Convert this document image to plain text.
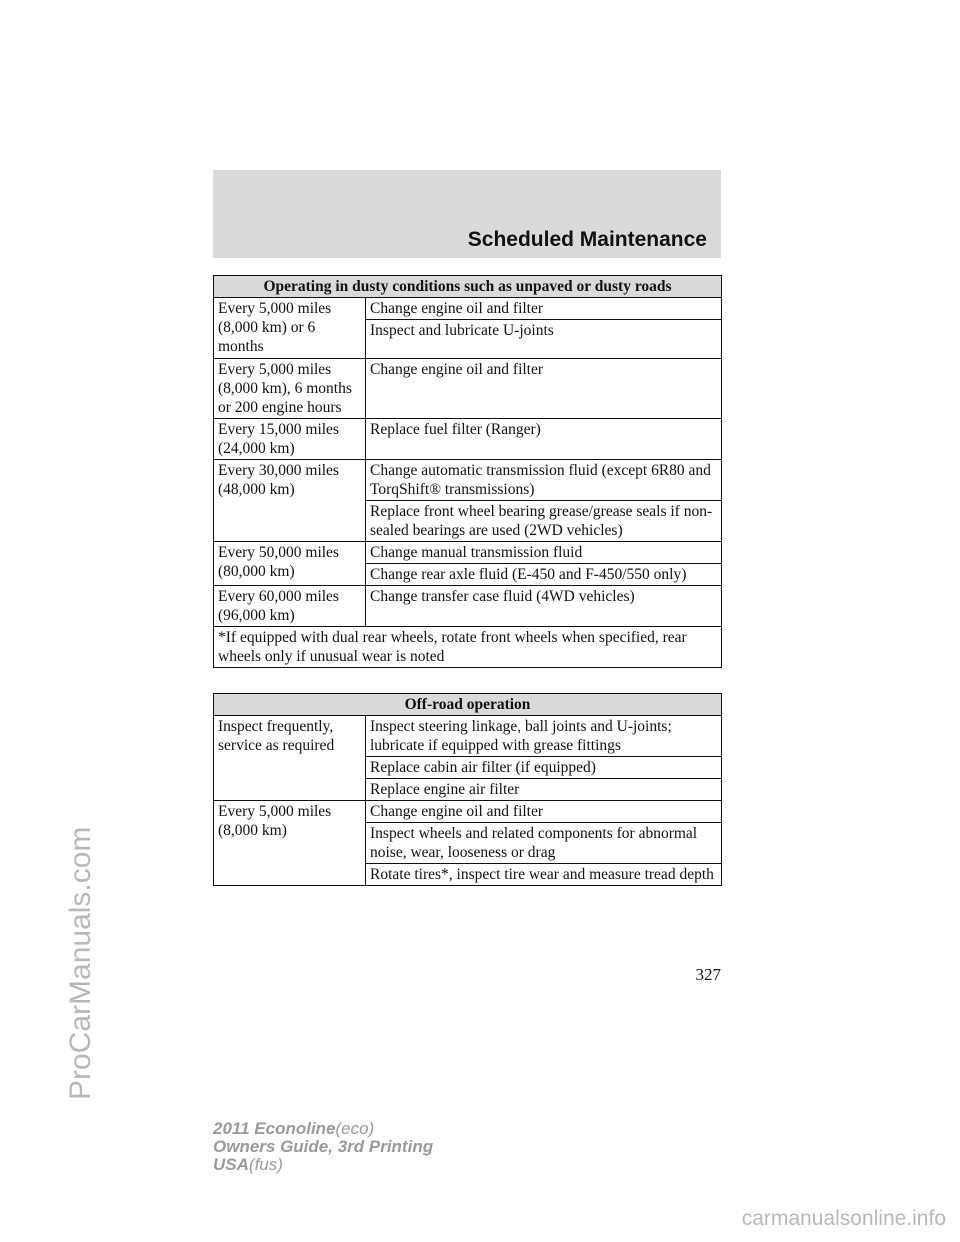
ProCarManuals.com
Scheduled Maintenance
Operating in dusty conditions such as unpaved or dusty roads	
Every 5,000 miles (8,000 km) or 6 months	Change engine oil and filter
	Inspect and lubricate U-joints
Every 5,000 miles (8,000 km), 6 months or 200 engine hours	Change engine oil and filter
Every 15,000 miles (24,000 km)	Replace fuel filter (Ranger)
Every 30,000 miles (48,000 km)	Change automatic transmission fluid (except 6R80 and TorqShift® transmissions)
	Replace front wheel bearing grease/grease seals if non-sealed bearings are used (2WD vehicles)
Every 50,000 miles (80,000 km)	Change manual transmission fluid
	Change rear axle fluid (E-450 and F-450/550 only)
Every 60,000 miles (96,000 km)	Change transfer case fluid (4WD vehicles)
*If equipped with dual rear wheels, rotate front wheels when specified, rear wheels only if unusual wear is noted	
Off-road operation	
Inspect frequently, service as required	Inspect steering linkage, ball joints and U-joints; lubricate if equipped with grease fittings
	Replace cabin air filter (if equipped)
	Replace engine air filter
Every 5,000 miles (8,000 km)	Change engine oil and filter
	Inspect wheels and related components for abnormal noise, wear, looseness or drag
	Rotate tires*, inspect tire wear and measure tread depth
327
2011 Econoline(eco)
Owners Guide, 3rd Printing
USA(fus)
carmanualsonline.info
